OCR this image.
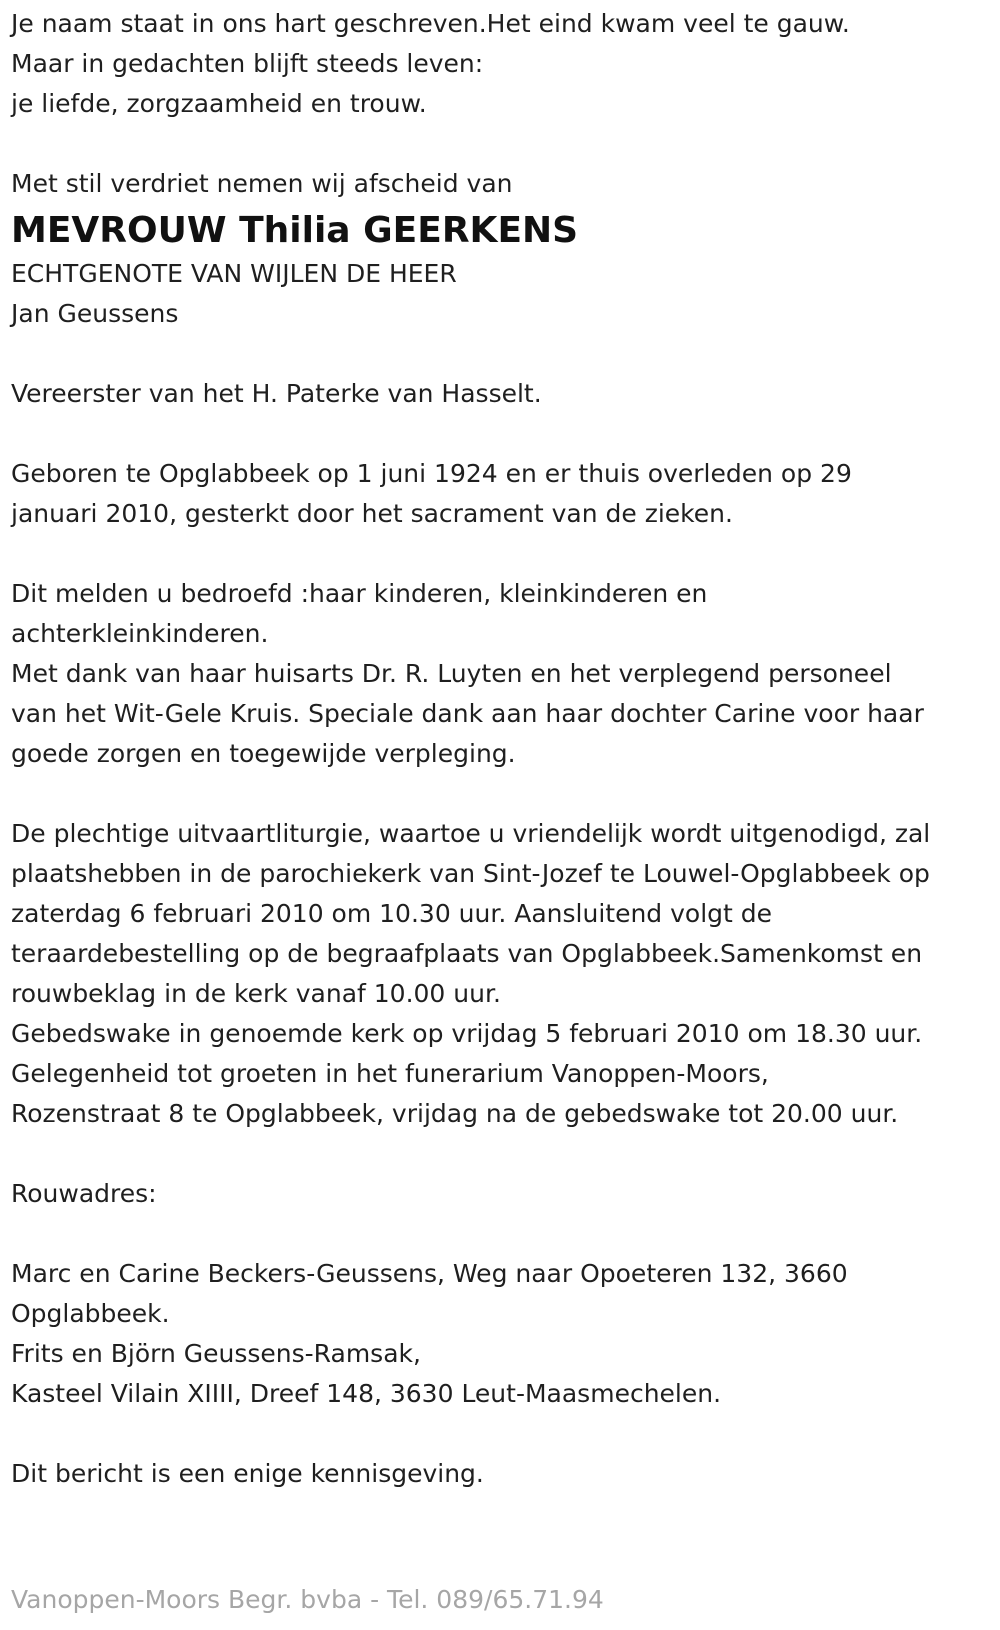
Je naam staat in ons hart geschreven.Het eind kwam veel te gauw.
Maar in gedachten blijft steeds leven:
je liefde, zorgzaamheid en trouw.
Met stil verdriet nemen wij afscheid van
MEVROUW Thilia GEERKENS
ECHTGENOTE VAN WIJLEN DE HEER
Jan Geussens
Vereerster van het H. Paterke van Hasselt.
Geboren te Opglabbeek op 1 juni 1924 en er thuis overleden op 29
januari 2010, gesterkt door het sacrament van de zieken.
Dit melden u bedroefd :haar kinderen, kleinkinderen en
achterkleinkinderen.
Met dank van haar huisarts Dr. R. Luyten en het verplegend personeel
van het Wit-Gele Kruis. Speciale dank aan haar dochter Carine voor haar
goede zorgen en toegewijde verpleging.
De plechtige uitvaartliturgie, waartoe u vriendelijk wordt uitgenodigd, zal
plaatshebben in de parochiekerk van Sint-Jozef te Louwel-Opglabbeek op
zaterdag 6 februari 2010 om 10.30 uur. Aansluitend volgt de
teraardebestelling op de begraafplaats van Opglabbeek.Samenkomst en
rouwbeklag in de kerk vanaf 10.00 uur.
Gebedswake in genoemde kerk op vrijdag 5 februari 2010 om 18.30 uur.
Gelegenheid tot groeten in het funerarium Vanoppen-Moors,
Rozenstraat 8 te Opglabbeek, vrijdag na de gebedswake tot 20.00 uur.
Rouwadres:
Marc en Carine Beckers-Geussens, Weg naar Opoeteren 132, 3660
Opglabbeek.
Frits en Björn Geussens-Ramsak,
Kasteel Vilain XIIII, Dreef 148, 3630 Leut-Maasmechelen.
Dit bericht is een enige kennisgeving.
Vanoppen-Moors Begr. bvba - Tel. 089/65.71.94
